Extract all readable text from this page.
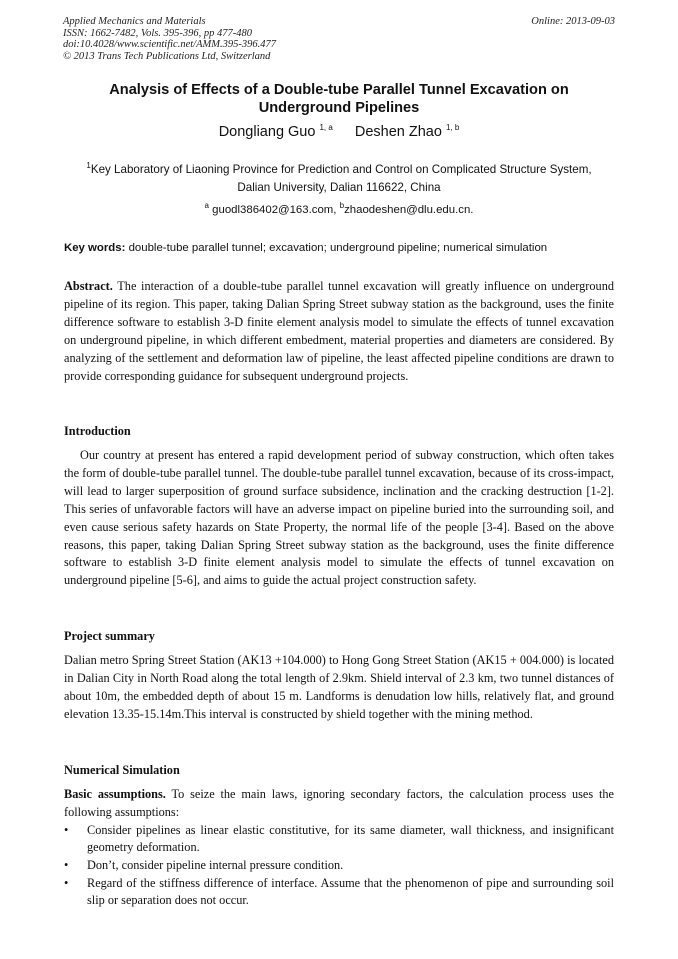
Applied Mechanics and Materials
ISSN: 1662-7482, Vols. 395-396, pp 477-480
doi:10.4028/www.scientific.net/AMM.395-396.477
© 2013 Trans Tech Publications Ltd, Switzerland
Online: 2013-09-03
Analysis of Effects of a Double-tube Parallel Tunnel Excavation on
Underground Pipelines
Dongliang Guo $^{1, a}$ Deshen Zhao $^{1, b}$
$^1$Key Laboratory of Liaoning Province for Prediction and Control on Complicated Structure System,
Dalian University, Dalian 116622, China
$^a$ guodl386402@163.com, $^b$zhaodeshen@dlu.edu.cn.
Key words: double-tube parallel tunnel; excavation; underground pipeline; numerical simulation
Abstract. The interaction of a double-tube parallel tunnel excavation will greatly influence on underground pipeline of its region. This paper, taking Dalian Spring Street subway station as the background, uses the finite difference software to establish 3-D finite element analysis model to simulate the effects of tunnel excavation on underground pipeline, in which different embedment, material properties and diameters are considered. By analyzing of the settlement and deformation law of pipeline, the least affected pipeline conditions are drawn to provide corresponding guidance for subsequent underground projects.
Introduction
Our country at present has entered a rapid development period of subway construction, which often takes the form of double-tube parallel tunnel. The double-tube parallel tunnel excavation, because of its cross-impact, will lead to larger superposition of ground surface subsidence, inclination and the cracking destruction [1-2]. This series of unfavorable factors will have an adverse impact on pipeline buried into the surrounding soil, and even cause serious safety hazards on State Property, the normal life of the people [3-4]. Based on the above reasons, this paper, taking Dalian Spring Street subway station as the background, uses the finite difference software to establish 3-D finite element analysis model to simulate the effects of tunnel excavation on underground pipeline [5-6], and aims to guide the actual project construction safety.
Project summary
Dalian metro Spring Street Station (AK13 +104.000) to Hong Gong Street Station (AK15 + 004.000) is located in Dalian City in North Road along the total length of 2.9km. Shield interval of 2.3 km, two tunnel distances of about 10m, the embedded depth of about 15 m. Landforms is denudation low hills, relatively flat, and ground elevation 13.35-15.14m.This interval is constructed by shield together with the mining method.
Numerical Simulation
Basic assumptions. To seize the main laws, ignoring secondary factors, the calculation process uses the following assumptions:
• Consider pipelines as linear elastic constitutive, for its same diameter, wall thickness, and insignificant geometry deformation.
• Don’t, consider pipeline internal pressure condition.
• Regard of the stiffness difference of interface. Assume that the phenomenon of pipe and surrounding soil slip or separation does not occur.
